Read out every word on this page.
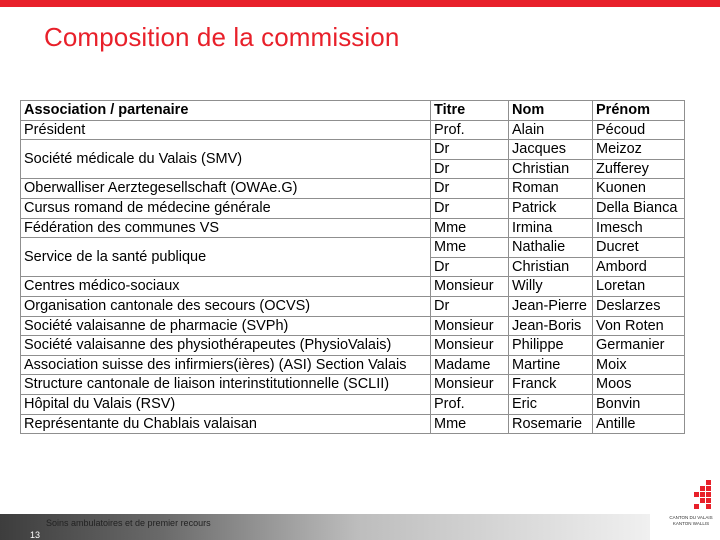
Composition de la commission
Association / partenaire	Titre	Nom	Prénom
Président	Prof.	Alain	Pécoud
Société médicale du Valais (SMV)	Dr	Jacques	Meizoz
	Dr	Christian	Zufferey
Oberwalliser Aerztegesellschaft (OWAe.G)	Dr	Roman	Kuonen
Cursus romand de médecine générale	Dr	Patrick	Della Bianca
Fédération des communes VS	Mme	Irmina	Imesch
Service de la santé publique	Mme	Nathalie	Ducret
	Dr	Christian	Ambord
Centres médico-sociaux	Monsieur	Willy	Loretan
Organisation cantonale des secours (OCVS)	Dr	Jean-Pierre	Deslarzes
Société valaisanne de pharmacie (SVPh)	Monsieur	Jean-Boris	Von Roten
Société valaisanne des physiothérapeutes (PhysioValais)	Monsieur	Philippe	Germanier
Association suisse des infirmiers(ières) (ASI) Section Valais	Madame	Martine	Moix
Structure cantonale de liaison interinstitutionnelle (SCLII)	Monsieur	Franck	Moos
Hôpital du Valais (RSV)	Prof.	Eric	Bonvin
Représentante du Chablais valaisan	Mme	Rosemarie	Antille
Soins ambulatoires et de premier recours
13
CANTON DU VALAIS
KANTON WALLIS
